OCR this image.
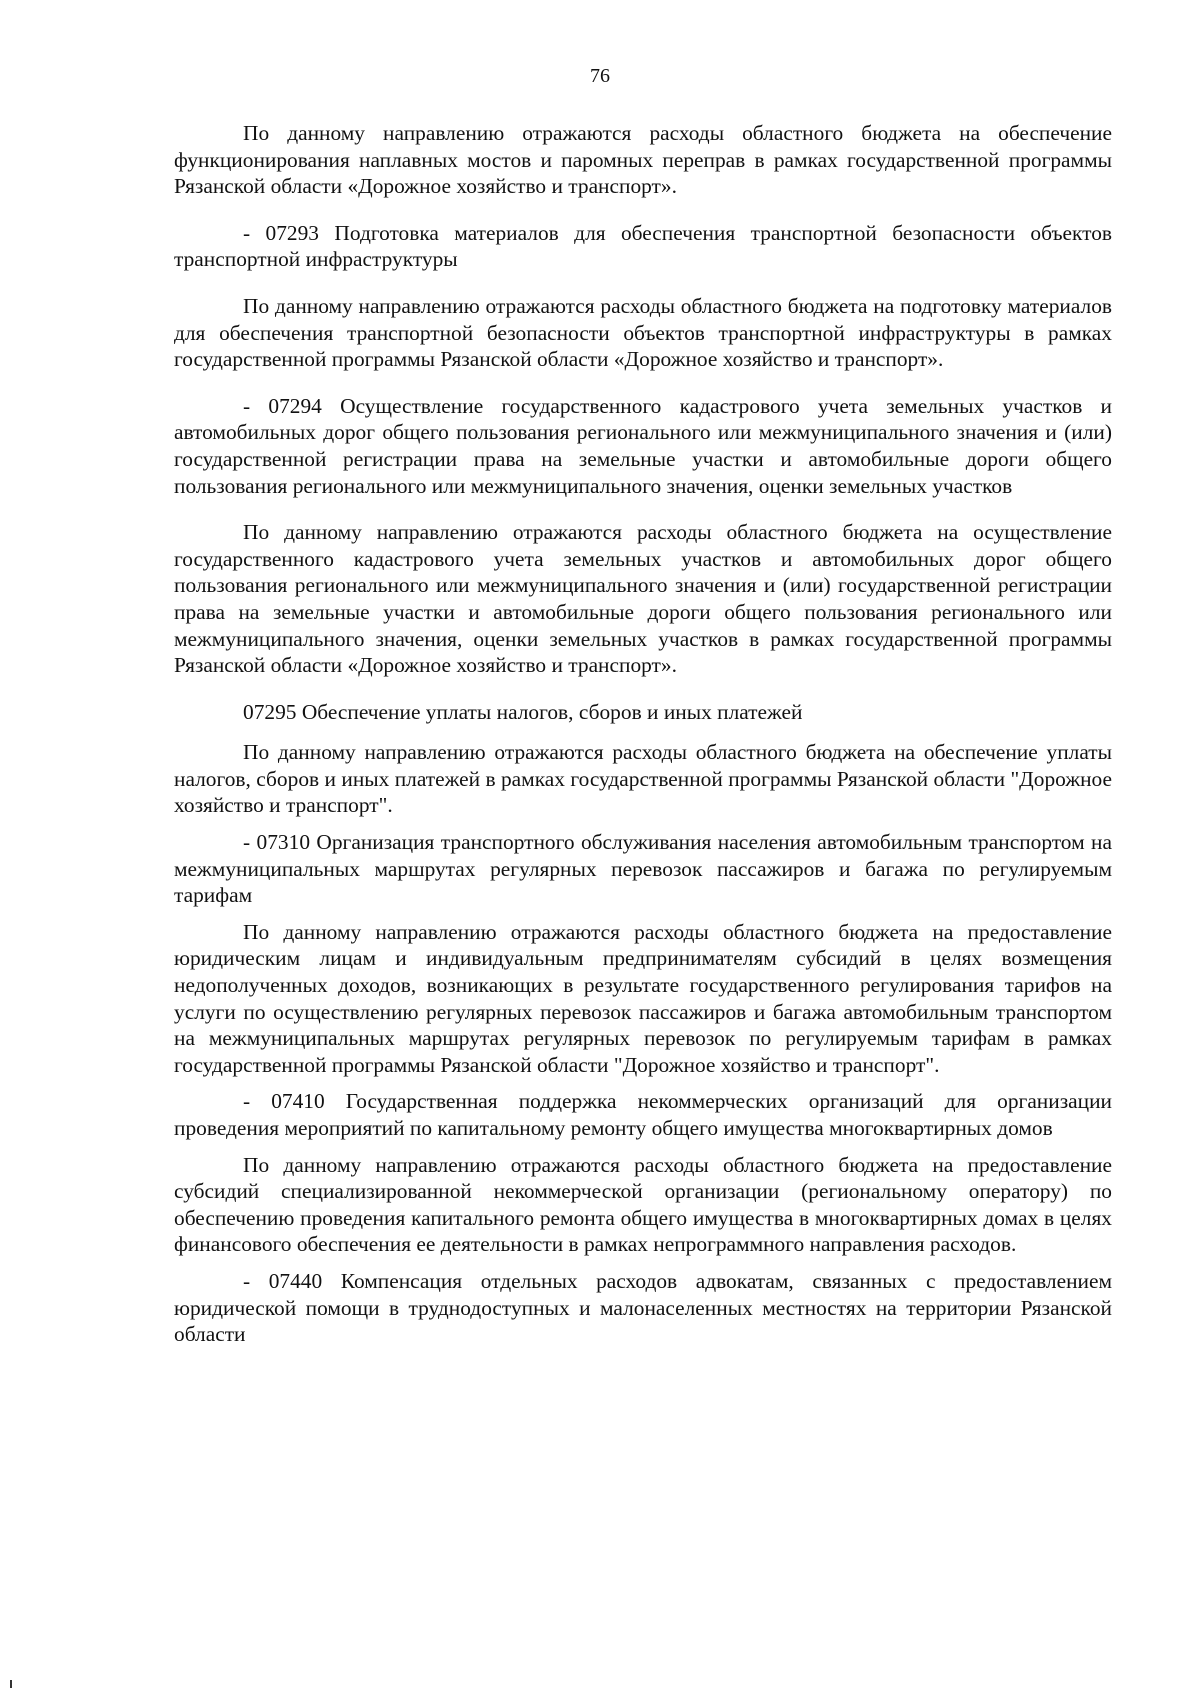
76

По данному направлению отражаются расходы областного бюджета на обеспечение функционирования наплавных мостов и паромных переправ в рамках государственной программы Рязанской области «Дорожное хозяйство и транспорт».

- 07293 Подготовка материалов для обеспечения транспортной безопасности объектов транспортной инфраструктуры

По данному направлению отражаются расходы областного бюджета на подготовку материалов для обеспечения транспортной безопасности объектов транспортной инфраструктуры в рамках государственной программы Рязанской области «Дорожное хозяйство и транспорт».

- 07294 Осуществление государственного кадастрового учета земельных участков и автомобильных дорог общего пользования регионального или межмуниципального значения и (или) государственной регистрации права на земельные участки и автомобильные дороги общего пользования регионального или межмуниципального значения, оценки земельных участков

По данному направлению отражаются расходы областного бюджета на осуществление государственного кадастрового учета земельных участков и автомобильных дорог общего пользования регионального или межмуниципального значения и (или) государственной регистрации права на земельные участки и автомобильные дороги общего пользования регионального или межмуниципального значения, оценки земельных участков в рамках государственной программы Рязанской области «Дорожное хозяйство и транспорт».

07295 Обеспечение уплаты налогов, сборов и иных платежей

По данному направлению отражаются расходы областного бюджета на обеспечение уплаты налогов, сборов и иных платежей в рамках государственной программы Рязанской области "Дорожное хозяйство и транспорт".

- 07310 Организация транспортного обслуживания населения автомобильным транспортом на межмуниципальных маршрутах регулярных перевозок пассажиров и багажа по регулируемым тарифам

По данному направлению отражаются расходы областного бюджета на предоставление юридическим лицам и индивидуальным предпринимателям субсидий в целях возмещения недополученных доходов, возникающих в результате государственного регулирования тарифов на услуги по осуществлению регулярных перевозок пассажиров и багажа автомобильным транспортом на межмуниципальных маршрутах регулярных перевозок по регулируемым тарифам в рамках государственной программы Рязанской области "Дорожное хозяйство и транспорт".

- 07410 Государственная поддержка некоммерческих организаций для организации проведения мероприятий по капитальному ремонту общего имущества многоквартирных домов

По данному направлению отражаются расходы областного бюджета на предоставление субсидий специализированной некоммерческой организации (региональному оператору) по обеспечению проведения капитального ремонта общего имущества в многоквартирных домах в целях финансового обеспечения ее деятельности в рамках непрограммного направления расходов.

- 07440 Компенсация отдельных расходов адвокатам, связанных с предоставлением юридической помощи в труднодоступных и малонаселенных местностях на территории Рязанской области
